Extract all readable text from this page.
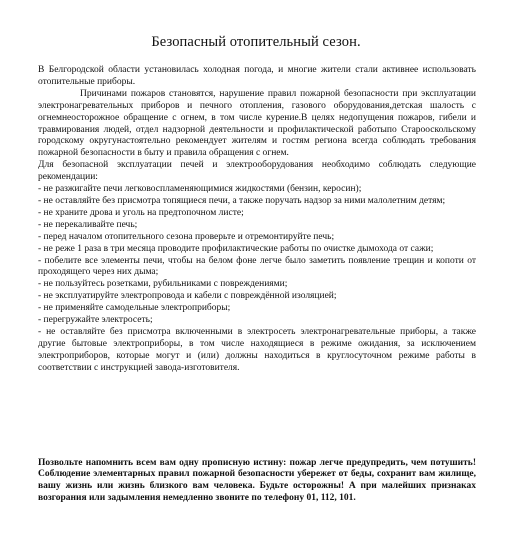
Безопасный отопительный сезон.

В Белгородской области установилась холодная погода, и многие жители стали активнее использовать отопительные приборы.

Причинами пожаров становятся, нарушение правил пожарной безопасности при эксплуатации электронагревательных приборов и печного отопления, газового оборудования,детская шалость с огнемнеосторожное обращение с огнем, в том числе курение.В целях недопущения пожаров, гибели и травмирования людей, отдел надзорной деятельности и профилактической работыпо Старооскольскому городскому округунастоятельно рекомендует жителям и гостям региона всегда соблюдать требования пожарной безопасности в быту и правила обращения с огнем.

Для безопасной эксплуатации печей и электрооборудования необходимо соблюдать следующие рекомендации:

- не разжигайте печи легковоспламеняющимися жидкостями (бензин, керосин);
- не оставляйте без присмотра топящиеся печи, а также поручать надзор за ними малолетним детям;
- не храните дрова и уголь на предтопочном листе;
- не перекаливайте печь;
- перед началом отопительного сезона проверьте и отремонтируйте печь;
- не реже 1 раза в три месяца проводите профилактические работы по очистке дымохода от сажи;
- побелите все элементы печи, чтобы на белом фоне легче было заметить появление трещин и копоти от проходящего через них дыма;
- не пользуйтесь розетками, рубильниками с повреждениями;
- не эксплуатируйте электропровода и кабели с повреждённой изоляцией;
- не применяйте самодельные электроприборы;
- перегружайте электросеть;
- не оставляйте без присмотра включенными в электросеть электронагревательные приборы, а также другие бытовые электроприборы, в том числе находящиеся в режиме ожидания, за исключением электроприборов, которые могут и (или) должны находиться в круглосуточном режиме работы в соответствии с инструкцией завода-изготовителя.

Позвольте напомнить всем вам одну прописную истину: пожар легче предупредить, чем потушить! Соблюдение элементарных правил пожарной безопасности убережет от беды, сохранит вам жилище, вашу жизнь или жизнь близкого вам человека. Будьте осторожны! А при малейших признаках возгорания или задымления немедленно звоните по телефону 01, 112, 101.
